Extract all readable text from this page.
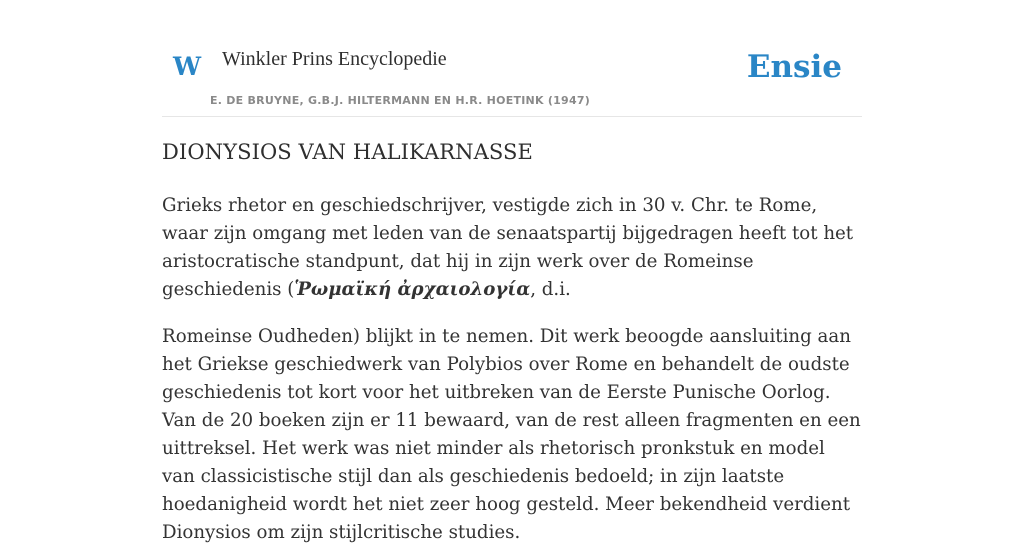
W Winkler Prins Encyclopedie
E. DE BRUYNE, G.B.J. HILTERMANN EN H.R. HOETINK (1947)
Ensie
DIONYSIOS VAN HALIKARNASSE

Grieks rhetor en geschiedschrijver, vestigde zich in 30 v. Chr. te Rome, waar zijn omgang met leden van de senaatspartij bijgedragen heeft tot het aristocratische standpunt, dat hij in zijn werk over de Romeinse geschiedenis (Ῥωμαϊκή ἀρχαιολογία, d.i.

Romeinse Oudheden) blijkt in te nemen. Dit werk beoogde aansluiting aan het Griekse geschiedwerk van Polybios over Rome en behandelt de oudste geschiedenis tot kort voor het uitbreken van de Eerste Punische Oorlog. Van de 20 boeken zijn er 11 bewaard, van de rest alleen fragmenten en een uittreksel. Het werk was niet minder als rhetorisch pronkstuk en model van classicistische stijl dan als geschiedenis bedoeld; in zijn laatste hoedanigheid wordt het niet zeer hoog gesteld. Meer bekendheid verdient Dionysios om zijn stijlcritische studies.
